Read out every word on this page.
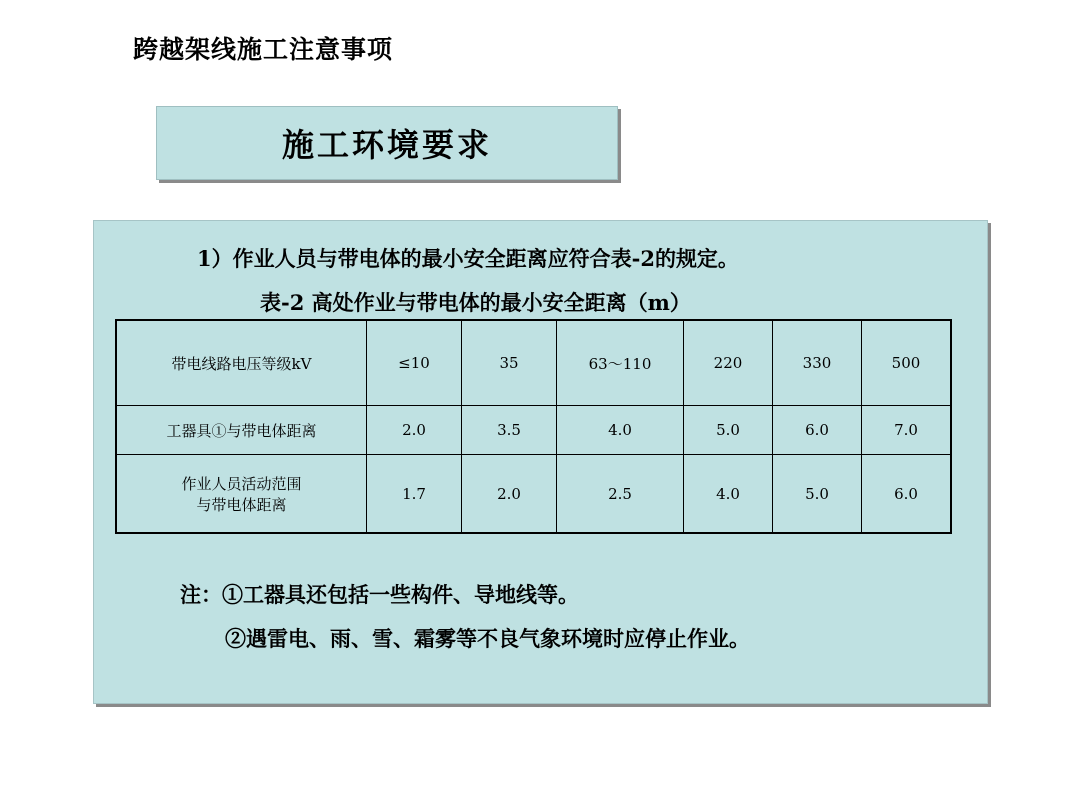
跨越架线施工注意事项
施工环境要求
1）作业人员与带电体的最小安全距离应符合表-2的规定。
表-2 高处作业与带电体的最小安全距离（m）
带电线路电压等级kV	≤10	35	63～110	220	330	500
工器具①与带电体距离	2.0	3.5	4.0	5.0	6.0	7.0

作业人员活动范围
与带电体距离	1.7	2.0	2.5	4.0	5.0	6.0
注：①工器具还包括一些构件、导地线等。
②遇雷电、雨、雪、霜雾等不良气象环境时应停止作业。
